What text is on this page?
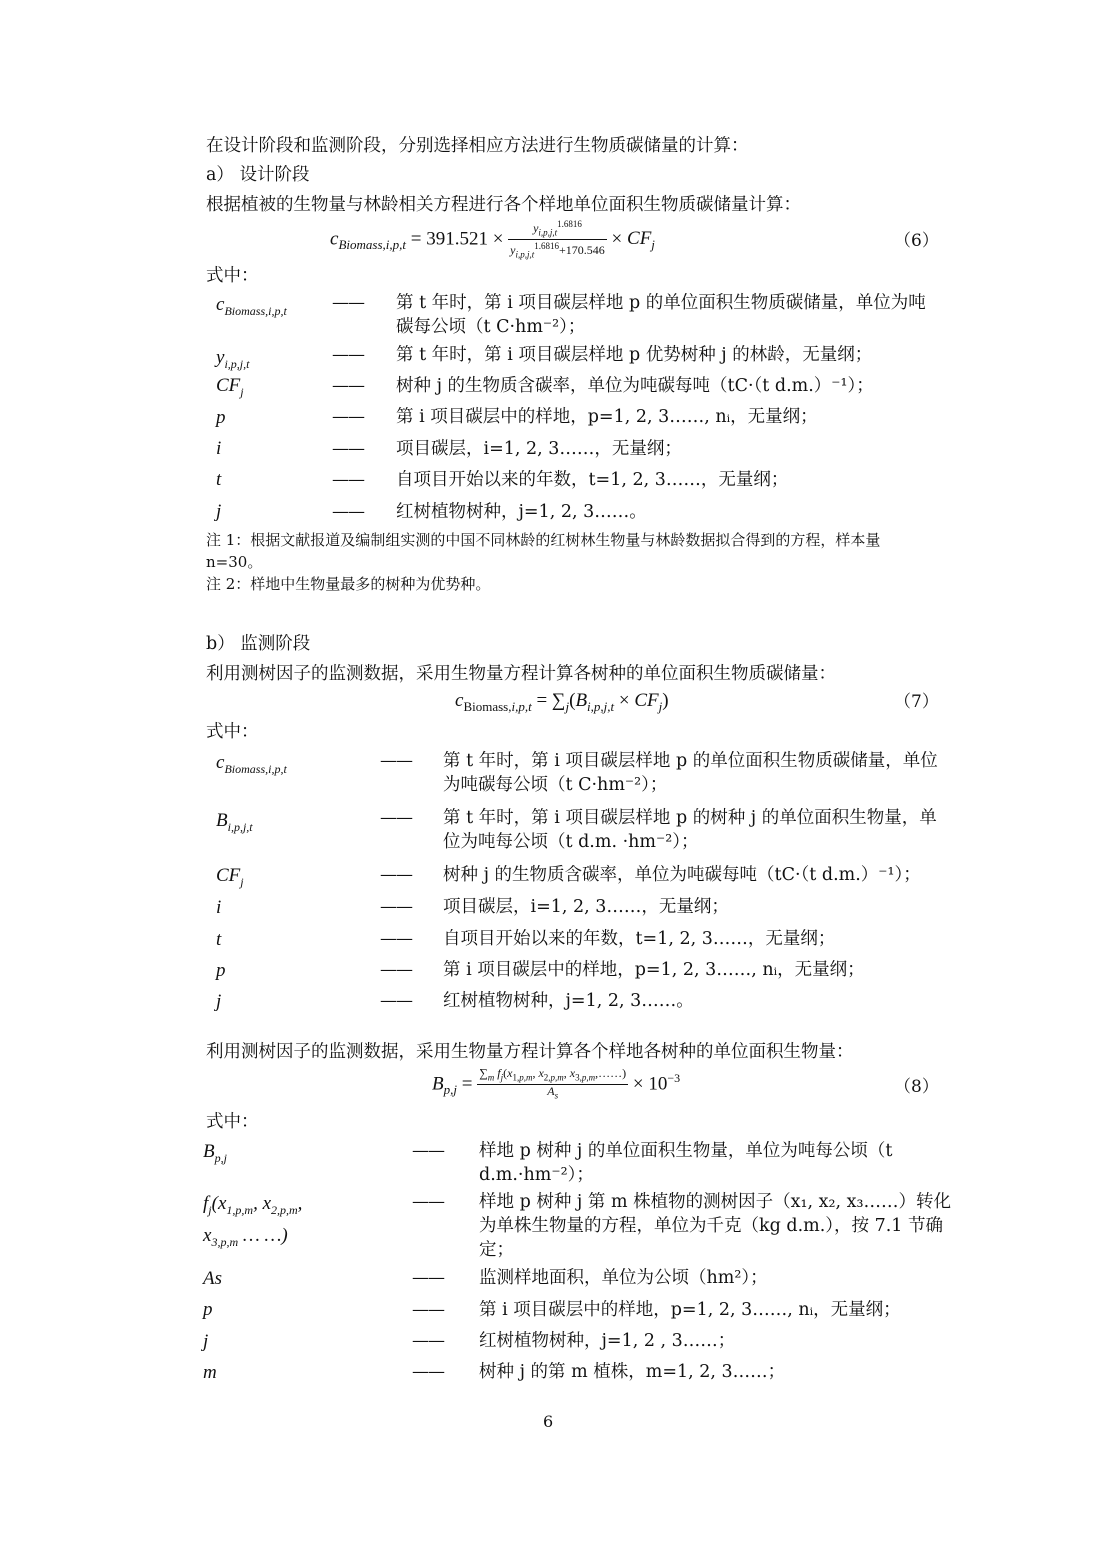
在设计阶段和监测阶段，分别选择相应方法进行生物质碳储量的计算：
a） 设计阶段
根据植被的生物量与林龄相关方程进行各个样地单位面积生物质碳储量计算：
$c_{Biomass,i,p,t} = 391.521 \times \frac{y_{i,p,j,t}^{1.6816}}{y_{i,p,j,t}^{1.6816}+170.546} \times CF_j$	（6）
式中：
$c_{Biomass,i,p,t}$	—— 第 t 年时，第 i 项目碳层样地 p 的单位面积生物质碳储量，单位为吨碳每公顷（t C·hm⁻²）；
$y_{i,p,j,t}$	—— 第 t 年时，第 i 项目碳层样地 p 优势树种 j 的林龄，无量纲；
$CF_j$	—— 树种 j 的生物质含碳率，单位为吨碳每吨（tC·（t d.m.）⁻¹）；
p	—— 第 i 项目碳层中的样地，p=1, 2, 3……, nᵢ，无量纲；
i	—— 项目碳层，i=1, 2, 3……，无量纲；
t	—— 自项目开始以来的年数，t=1, 2, 3……，无量纲；
j	—— 红树植物树种，j=1, 2, 3……。
注 1：根据文献报道及编制组实测的中国不同林龄的红树林生物量与林龄数据拟合得到的方程，样本量 n=30。
注 2：样地中生物量最多的树种为优势种。
b） 监测阶段
利用测树因子的监测数据，采用生物量方程计算各树种的单位面积生物质碳储量：
$c_{Biomass,i,p,t} = \sum_j(B_{i,p,j,t} \times CF_j)$	（7）
式中：
$c_{Biomass,i,p,t}$	—— 第 t 年时，第 i 项目碳层样地 p 的单位面积生物质碳储量，单位为吨碳每公顷（t C·hm⁻²）；
$B_{i,p,j,t}$	—— 第 t 年时，第 i 项目碳层样地 p 的树种 j 的单位面积生物量，单位为吨每公顷（t d.m. ·hm⁻²）；
$CF_j$	—— 树种 j 的生物质含碳率，单位为吨碳每吨（tC·（t d.m.）⁻¹）；
i	—— 项目碳层，i=1, 2, 3……，无量纲；
t	—— 自项目开始以来的年数，t=1, 2, 3……，无量纲；
p	—— 第 i 项目碳层中的样地，p=1, 2, 3……, nᵢ，无量纲；
j	—— 红树植物树种，j=1, 2, 3……。
利用测树因子的监测数据，采用生物量方程计算各个样地各树种的单位面积生物量：
$B_{p,j} = \frac{\sum_m f_j(x_{1,p,m}, x_{2,p,m}, x_{3,p,m},\dots\dots)}{A_s} \times 10^{-3}$	（8）
式中：
$B_{p,j}$	—— 样地 p 树种 j 的单位面积生物量，单位为吨每公顷（t d.m.·hm⁻²）；
$f_j(x_{1,p,m}$, $x_{2,p,m}$,
$x_{3,p,m}$ … …)
—— 样地 p 树种 j 第 m 株植物的测树因子（x₁, x₂, x₃……）转化为单株生物量的方程，单位为千克（kg d.m.），按 7.1 节确定；
As	—— 监测样地面积，单位为公顷（hm²）；
p	—— 第 i 项目碳层中的样地，p=1, 2, 3……, nᵢ，无量纲；
j	—— 红树植物树种，j=1, 2 , 3……；
m	—— 树种 j 的第 m 植株，m=1, 2, 3……；
6
